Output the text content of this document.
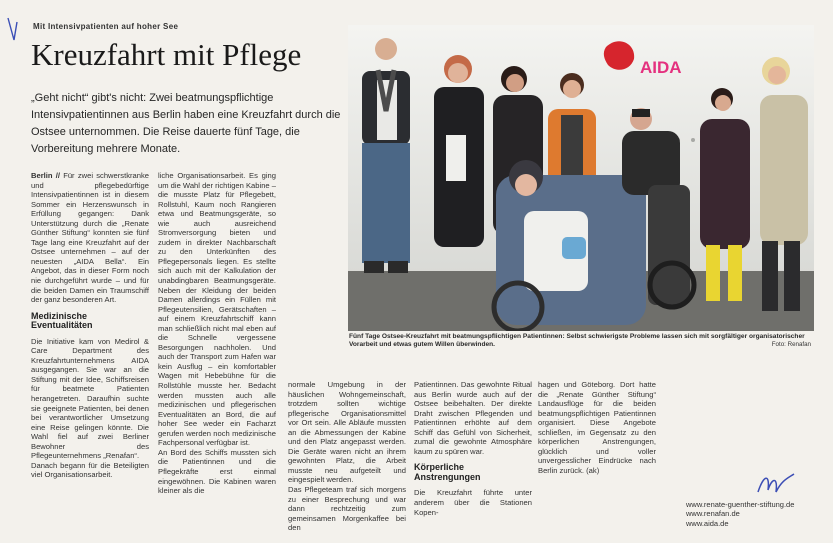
Mit Intensivpatienten auf hoher See
Kreuzfahrt mit Pflege
„Geht nicht“ gibt's nicht: Zwei beatmungspflichtige Intensivpatientinnen aus Berlin haben eine Kreuzfahrt durch die Ostsee unternommen. Die Reise dauerte fünf Tage, die Vorbereitung mehrere Monate.

Berlin // Für zwei schwerstkranke und pflegebedürftige Intensivpatientinnen ist in diesem Sommer ein Herzenswunsch in Erfüllung gegangen: Dank Unterstützung durch die „Renate Günther Stiftung“ konnten sie fünf Tage lang eine Kreuzfahrt auf der Ostsee unternehmen – auf der neuesten „AIDA Bella“. Ein Angebot, das in dieser Form noch nie durchgeführt wurde – und für die beiden Damen ein Traumschiff der ganz besonderen Art.

Medizinische Eventualitäten

Die Initiative kam von Medirol & Care Department des Kreuzfahrtunternehmens AIDA ausgegangen. Sie war an die Stiftung mit der Idee, Schiffsreisen für beatmete Patienten herangetreten. Daraufhin suchte sie geeignete Patienten, bei denen bei verantwortlicher Umsetzung eine Reise gelingen könnte. Die Wahl fiel auf zwei Berliner Bewohner des Pflegeunternehmens „Renafan“.

Danach begann für die Beteiligten viel Organisationsarbeit.

liche Organisationsarbeit. Es ging um die Wahl der richtigen Kabine – die musste Platz für Pflegebett, Rollstuhl, Kaum noch Rangieren etwa und Beatmungsgeräte, so wie auch ausreichend Stromversorgung bieten und zudem in direkter Nachbarschaft zu den Unterkünften des Pflegepersonals liegen. Es stellte sich auch mit der Kalkulation der unabdingbaren Beatmungsgeräte. Neben der Kleidung der beiden Damen allerdings ein Füllen mit Pflegeutensilien, Gerätschaften – auf einem Kreuzfahrtschiff kann man schließlich nicht mal eben auf die Schnelle vergessene Besorgungen nachholen. Und auch der Transport zum Hafen war kein Ausflug – ein komfortabler Wagen mit Hebebühne für die Rollstühle musste her. Bedacht werden mussten auch alle medizinischen und pflegerischen Eventualitäten an Bord, die auf hoher See weder ein Facharzt gerufen werden noch medizinische Fachpersonal verfügbar ist.

An Bord des Schiffs mussten sich die Patientinnen und die Pflegekräfte erst einmal eingewöhnen. Die Kabinen waren kleiner als die

AIDA
Fünf Tage Ostsee-Kreuzfahrt mit beatmungspflichtigen Patientinnen: Selbst schwierigste Probleme lassen sich mit sorgfältiger organisatorischer Vorarbeit und etwas gutem Willen überwinden.	Foto: Renafan

normale Umgebung in der häuslichen Wohngemeinschaft, trotzdem sollten wichtige pflegerische Organisationsmittel vor Ort sein. Alle Abläufe mussten an die Abmessungen der Kabine und den Platz angepasst werden. Die Geräte waren nicht an ihrem gewohnten Platz, die Arbeit musste neu aufgeteilt und eingespielt werden.

Das Pflegeteam traf sich morgens zu einer Besprechung und war dann rechtzeitig zum gemeinsamen Morgenkaffee bei den

Patientinnen. Das gewohnte Ritual aus Berlin wurde auch auf der Ostsee beibehalten. Der direkte Draht zwischen Pflegenden und Patientinnen erhöhte auf dem Schiff das Gefühl von Sicherheit, zumal die gewohnte Atmosphäre kaum zu spüren war.

Körperliche Anstrengungen

Die Kreuzfahrt führte unter anderem über die Stationen Kopen-

hagen und Göteborg. Dort hatte die „Renate Günther Stiftung“ Landausflüge für die beiden beatmungspflichtigen Patientinnen organisiert. Diese Angebote schließen, im Gegensatz zu den körperlichen Anstrengungen, glücklich und voller unvergesslicher Eindrücke nach Berlin zurück. (ak)

www.renate-guenther-stiftung.de
www.renafan.de
www.aida.de
